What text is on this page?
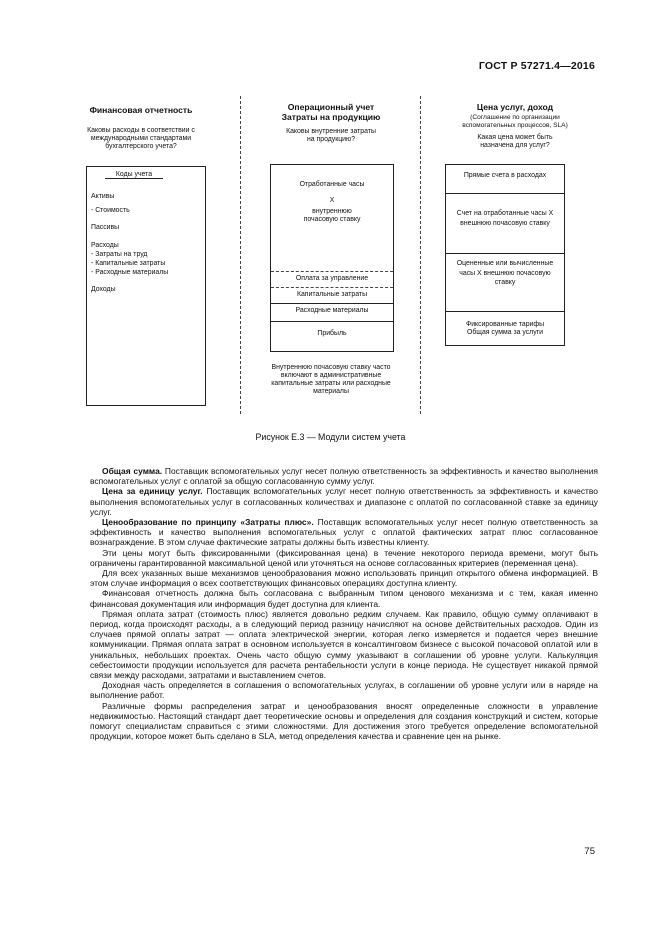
ГОСТ Р 57271.4—2016
Финансовая отчетность
Каковы расходы в соответствии с международными стандартами бухгалтерского учета?
Коды учета
Активы
- Стоимость
Пассивы
Расходы
- Затраты на труд
- Капитальные затраты
- Расходные материалы
Доходы
Операционный учет Затраты на продукцию
Каковы внутренние затраты на продукцию?
Отработанные часы
X
внутреннюю почасовую ставку
Оплата за управление
Капитальные затраты
Расходные материалы
Прибыль
Внутреннюю почасовую ставку часто включают в административные капитальные затраты или расходные материалы
Цена услуг, доход
(Соглашение по организации вспомогательных процессов, SLA)
Какая цена может быть назначена для услуг?
Прямые счета в расходах
Счет на отработанные часы X внешнюю почасовую ставку
Оцененные или вычисленные часы X внешнюю почасовую ставку
Фиксированные тарифы Общая сумма за услуги
Рисунок Е.3 — Модули систем учета

Общая сумма. Поставщик вспомогательных услуг несет полную ответственность за эффективность и качество выполнения вспомогательных услуг с оплатой за общую согласованную сумму услуг.

Цена за единицу услуг. Поставщик вспомогательных услуг несет полную ответственность за эффективность и качество выполнения вспомогательных услуг в согласованных количествах и диапазоне с оплатой по согласованной ставке за единицу услуг.

Ценообразование по принципу «Затраты плюс». Поставщик вспомогательных услуг несет полную ответственность за эффективность и качество выполнения вспомогательных услуг с оплатой фактических затрат плюс согласованное вознаграждение. В этом случае фактические затраты должны быть известны клиенту.

Эти цены могут быть фиксированными (фиксированная цена) в течение некоторого периода времени, могут быть ограничены гарантированной максимальной ценой или уточняться на основе согласованных критериев (переменная цена).

Для всех указанных выше механизмов ценообразования можно использовать принцип открытого обмена информацией. В этом случае информация о всех соответствующих финансовых операциях доступна клиенту.

Финансовая отчетность должна быть согласована с выбранным типом ценового механизма и с тем, какая именно финансовая документация или информация будет доступна для клиента.

Прямая оплата затрат (стоимость плюс) является довольно редким случаем. Как правило, общую сумму оплачивают в период, когда происходят расходы, а в следующий период разницу начисляют на основе действительных расходов. Один из случаев прямой оплаты затрат — оплата электрической энергии, которая легко измеряется и подается через внешние коммуникации. Прямая оплата затрат в основном используется в консалтинговом бизнесе с высокой почасовой оплатой или в уникальных, небольших проектах. Очень часто общую сумму указывают в соглашении об уровне услуги. Калькуляция себестоимости продукции используется для расчета рентабельности услуги в конце периода. Не существует никакой прямой связи между расходами, затратами и выставлением счетов.

Доходная часть определяется в соглашения о вспомогательных услугах, в соглашении об уровне услуги или в наряде на выполнение работ.

Различные формы распределения затрат и ценообразования вносят определенные сложности в управление недвижимостью. Настоящий стандарт дает теоретические основы и определения для создания конструкций и систем, которые помогут специалистам справиться с этими сложностями. Для достижения этого требуется определение вспомогательной продукции, которое может быть сделано в SLA, метод определения качества и сравнение цен на рынке.

75
